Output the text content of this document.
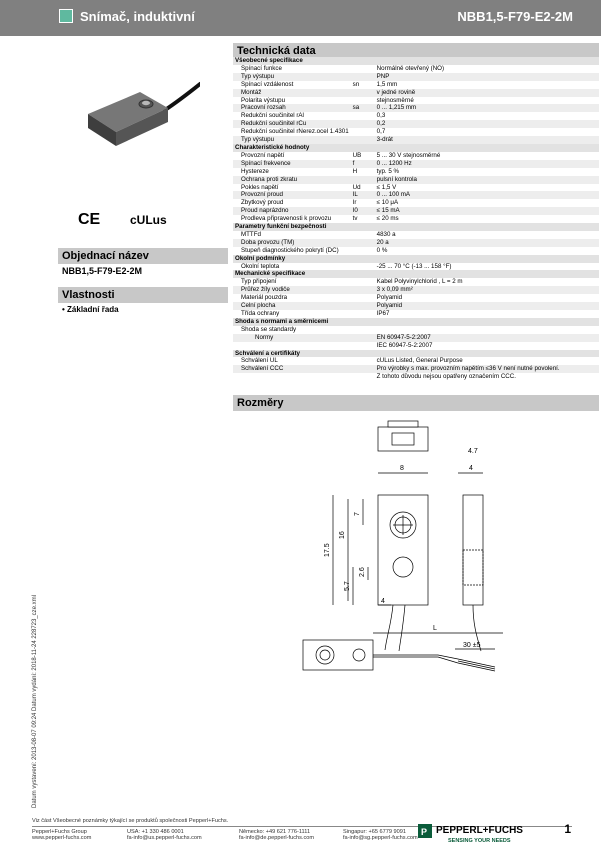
Snímač, induktivní	NBB1,5-F79-E2-2M
CE cULus
Objednací název
NBB1,5-F79-E2-2M
Vlastnosti
• Základní řada
Datum vystavení: 2013-08-07 09:24 Datum vydání: 2018-11-24 228723_cze.xml
Technická data
Všeobecné specifikace		
Spínací funkce		Normálně otevřený (NO)
Typ výstupu		PNP
Spínací vzdálenost	sn	1,5 mm
Montáž		v jedné rovině
Polarita výstupu		stejnosměrné
Pracovní rozsah	sa	0 ... 1,215 mm
Redukční součinitel rAl		0,3
Redukční součinitel rCu		0,2
Redukční součinitel rNerez.ocel 1.4301		0,7
Typ výstupu		3-drát
Charakteristické hodnoty		
Provozní napětí	UB	5 ... 30 V stejnosměrné
Spínací frekvence	f	0 ... 1200 Hz
Hystereze	H	typ. 5 %
Ochrana proti zkratu		pulsní kontrola
Pokles napětí	Ud	≤ 1,5 V
Provozní proud	IL	0 ... 100 mA
Zbytkový proud	Ir	≤ 10 μA
Proud naprázdno	I0	≤ 15 mA
Prodleva připravenosti k provozu	tv	≤ 20 ms
Parametry funkční bezpečnosti		
MTTFd		4830 a
Doba provozu (TM)		20 a
Stupeň diagnostického pokrytí (DC)		0 %
Okolní podmínky		
Okolní teplota		-25 ... 70 °C (-13 ... 158 °F)
Mechanické specifikace		
Typ připojení		Kabel Polyvinylchlorid , L = 2 m
Průřez žíly vodiče		3 x 0,09 mm²
Materiál pouzdra		Polyamid
Čelní plocha		Polyamid
Třída ochrany		IP67
Shoda s normami a směrnicemi		
Shoda se standardy		
Normy		EN 60947-5-2:2007
		IEC 60947-5-2:2007
Schválení a certifikáty		
Schválení UL		cULus Listed, General Purpose
Schválení CCC		Pro výrobky s max. provozním napětím ≤36 V není nutné povolení.
		Z tohoto důvodu nejsou opatřeny označením CCC.
Rozměry
8
4.7
4
17.5
16
7
5.7
2.6
4
L
30 ±5
Viz část Všeobecné poznámky týkající se produktů společnosti Pepperl+Fuchs.
Pepperl+Fuchs Group
www.pepperl-fuchs.com
USA: +1 330 486 0001
fa-info@us.pepperl-fuchs.com
Německo: +49 621 776-1111
fa-info@de.pepperl-fuchs.com
Singapur: +65 6779 9091
fa-info@sg.pepperl-fuchs.com
P PEPPERL+FUCHS
SENSING YOUR NEEDS
1
